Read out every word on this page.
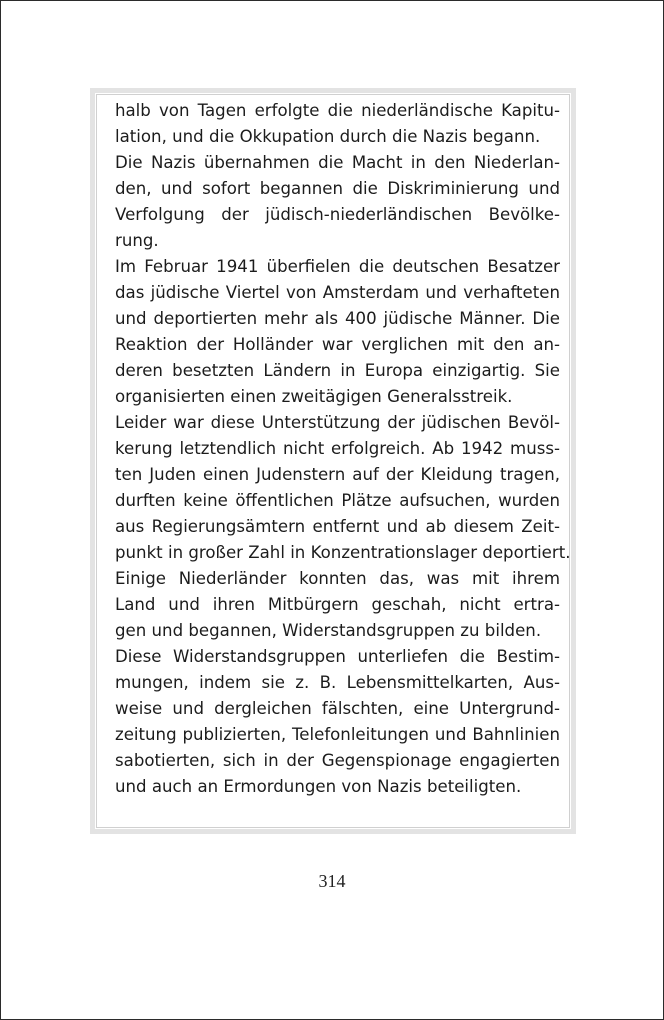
halb von Tagen erfolgte die niederländische Kapitu-
lation, und die Okkupation durch die Nazis begann.
Die Nazis übernahmen die Macht in den Niederlan-
den, und sofort begannen die Diskriminierung und
Verfolgung der jüdisch-niederländischen Bevölke-
rung.
Im Februar 1941 überfielen die deutschen Besatzer
das jüdische Viertel von Amsterdam und verhafteten
und deportierten mehr als 400 jüdische Männer. Die
Reaktion der Holländer war verglichen mit den an-
deren besetzten Ländern in Europa einzigartig. Sie
organisierten einen zweitägigen Generalsstreik.
Leider war diese Unterstützung der jüdischen Bevöl-
kerung letztendlich nicht erfolgreich. Ab 1942 muss-
ten Juden einen Judenstern auf der Kleidung tragen,
durften keine öffentlichen Plätze aufsuchen, wurden
aus Regierungsämtern entfernt und ab diesem Zeit-
punkt in großer Zahl in Konzentrationslager deportiert.
Einige Niederländer konnten das, was mit ihrem
Land und ihren Mitbürgern geschah, nicht ertra-
gen und begannen, Widerstandsgruppen zu bilden.
Diese Widerstandsgruppen unterliefen die Bestim-
mungen, indem sie z. B. Lebensmittelkarten, Aus-
weise und dergleichen fälschten, eine Untergrund-
zeitung publizierten, Telefonleitungen und Bahnlinien
sabotierten, sich in der Gegenspionage engagierten
und auch an Ermordungen von Nazis beteiligten.
314
